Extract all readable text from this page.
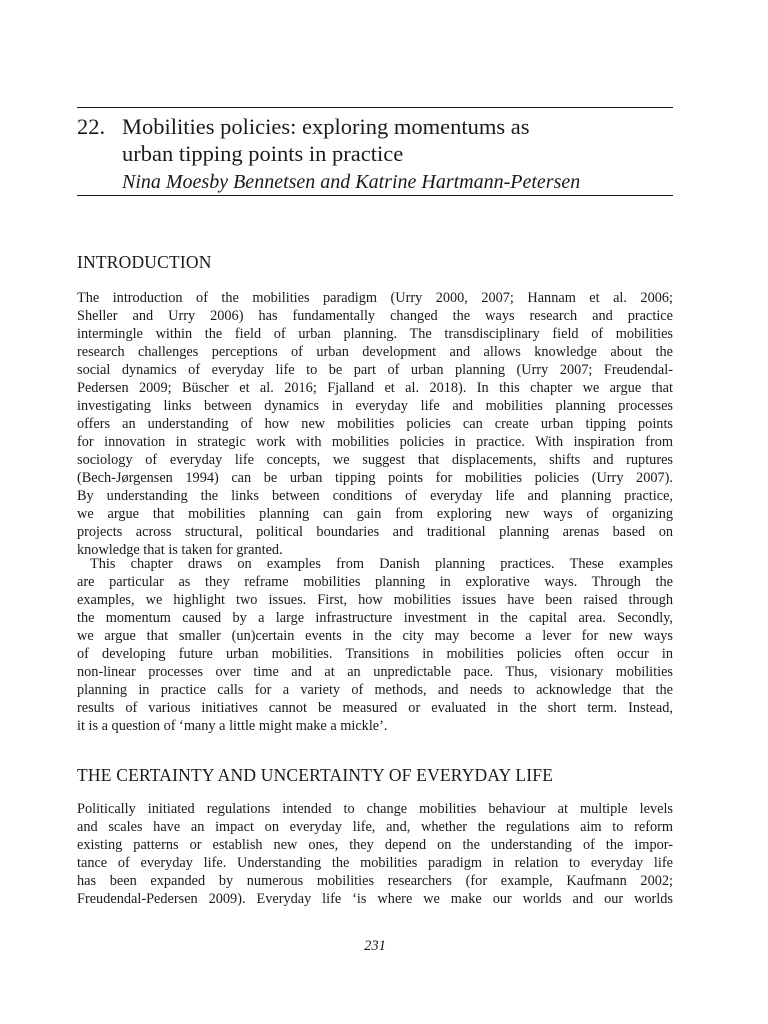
22. Mobilities policies: exploring momentums as
urban tipping points in practice
Nina Moesby Bennetsen and Katrine Hartmann-Petersen
INTRODUCTION
The introduction of the mobilities paradigm (Urry 2000, 2007; Hannam et al. 2006;
Sheller and Urry 2006) has fundamentally changed the ways research and practice
intermingle within the field of urban planning. The transdisciplinary field of mobilities
research challenges perceptions of urban development and allows knowledge about the
social dynamics of everyday life to be part of urban planning (Urry 2007; Freudendal-
Pedersen 2009; Büscher et al. 2016; Fjalland et al. 2018). In this chapter we argue that
investigating links between dynamics in everyday life and mobilities planning processes
offers an understanding of how new mobilities policies can create urban tipping points
for innovation in strategic work with mobilities policies in practice. With inspiration from
sociology of everyday life concepts, we suggest that displacements, shifts and ruptures
(Bech-Jørgensen 1994) can be urban tipping points for mobilities policies (Urry 2007).
By understanding the links between conditions of everyday life and planning practice,
we argue that mobilities planning can gain from exploring new ways of organizing
projects across structural, political boundaries and traditional planning arenas based on
knowledge that is taken for granted.
This chapter draws on examples from Danish planning practices. These examples
are particular as they reframe mobilities planning in explorative ways. Through the
examples, we highlight two issues. First, how mobilities issues have been raised through
the momentum caused by a large infrastructure investment in the capital area. Secondly,
we argue that smaller (un)certain events in the city may become a lever for new ways
of developing future urban mobilities. Transitions in mobilities policies often occur in
non-linear processes over time and at an unpredictable pace. Thus, visionary mobilities
planning in practice calls for a variety of methods, and needs to acknowledge that the
results of various initiatives cannot be measured or evaluated in the short term. Instead,
it is a question of ‘many a little might make a mickle’.
THE CERTAINTY AND UNCERTAINTY OF EVERYDAY LIFE
Politically initiated regulations intended to change mobilities behaviour at multiple levels
and scales have an impact on everyday life, and, whether the regulations aim to reform
existing patterns or establish new ones, they depend on the understanding of the impor-
tance of everyday life. Understanding the mobilities paradigm in relation to everyday life
has been expanded by numerous mobilities researchers (for example, Kaufmann 2002;
Freudendal-Pedersen 2009). Everyday life ‘is where we make our worlds and our worlds
231
